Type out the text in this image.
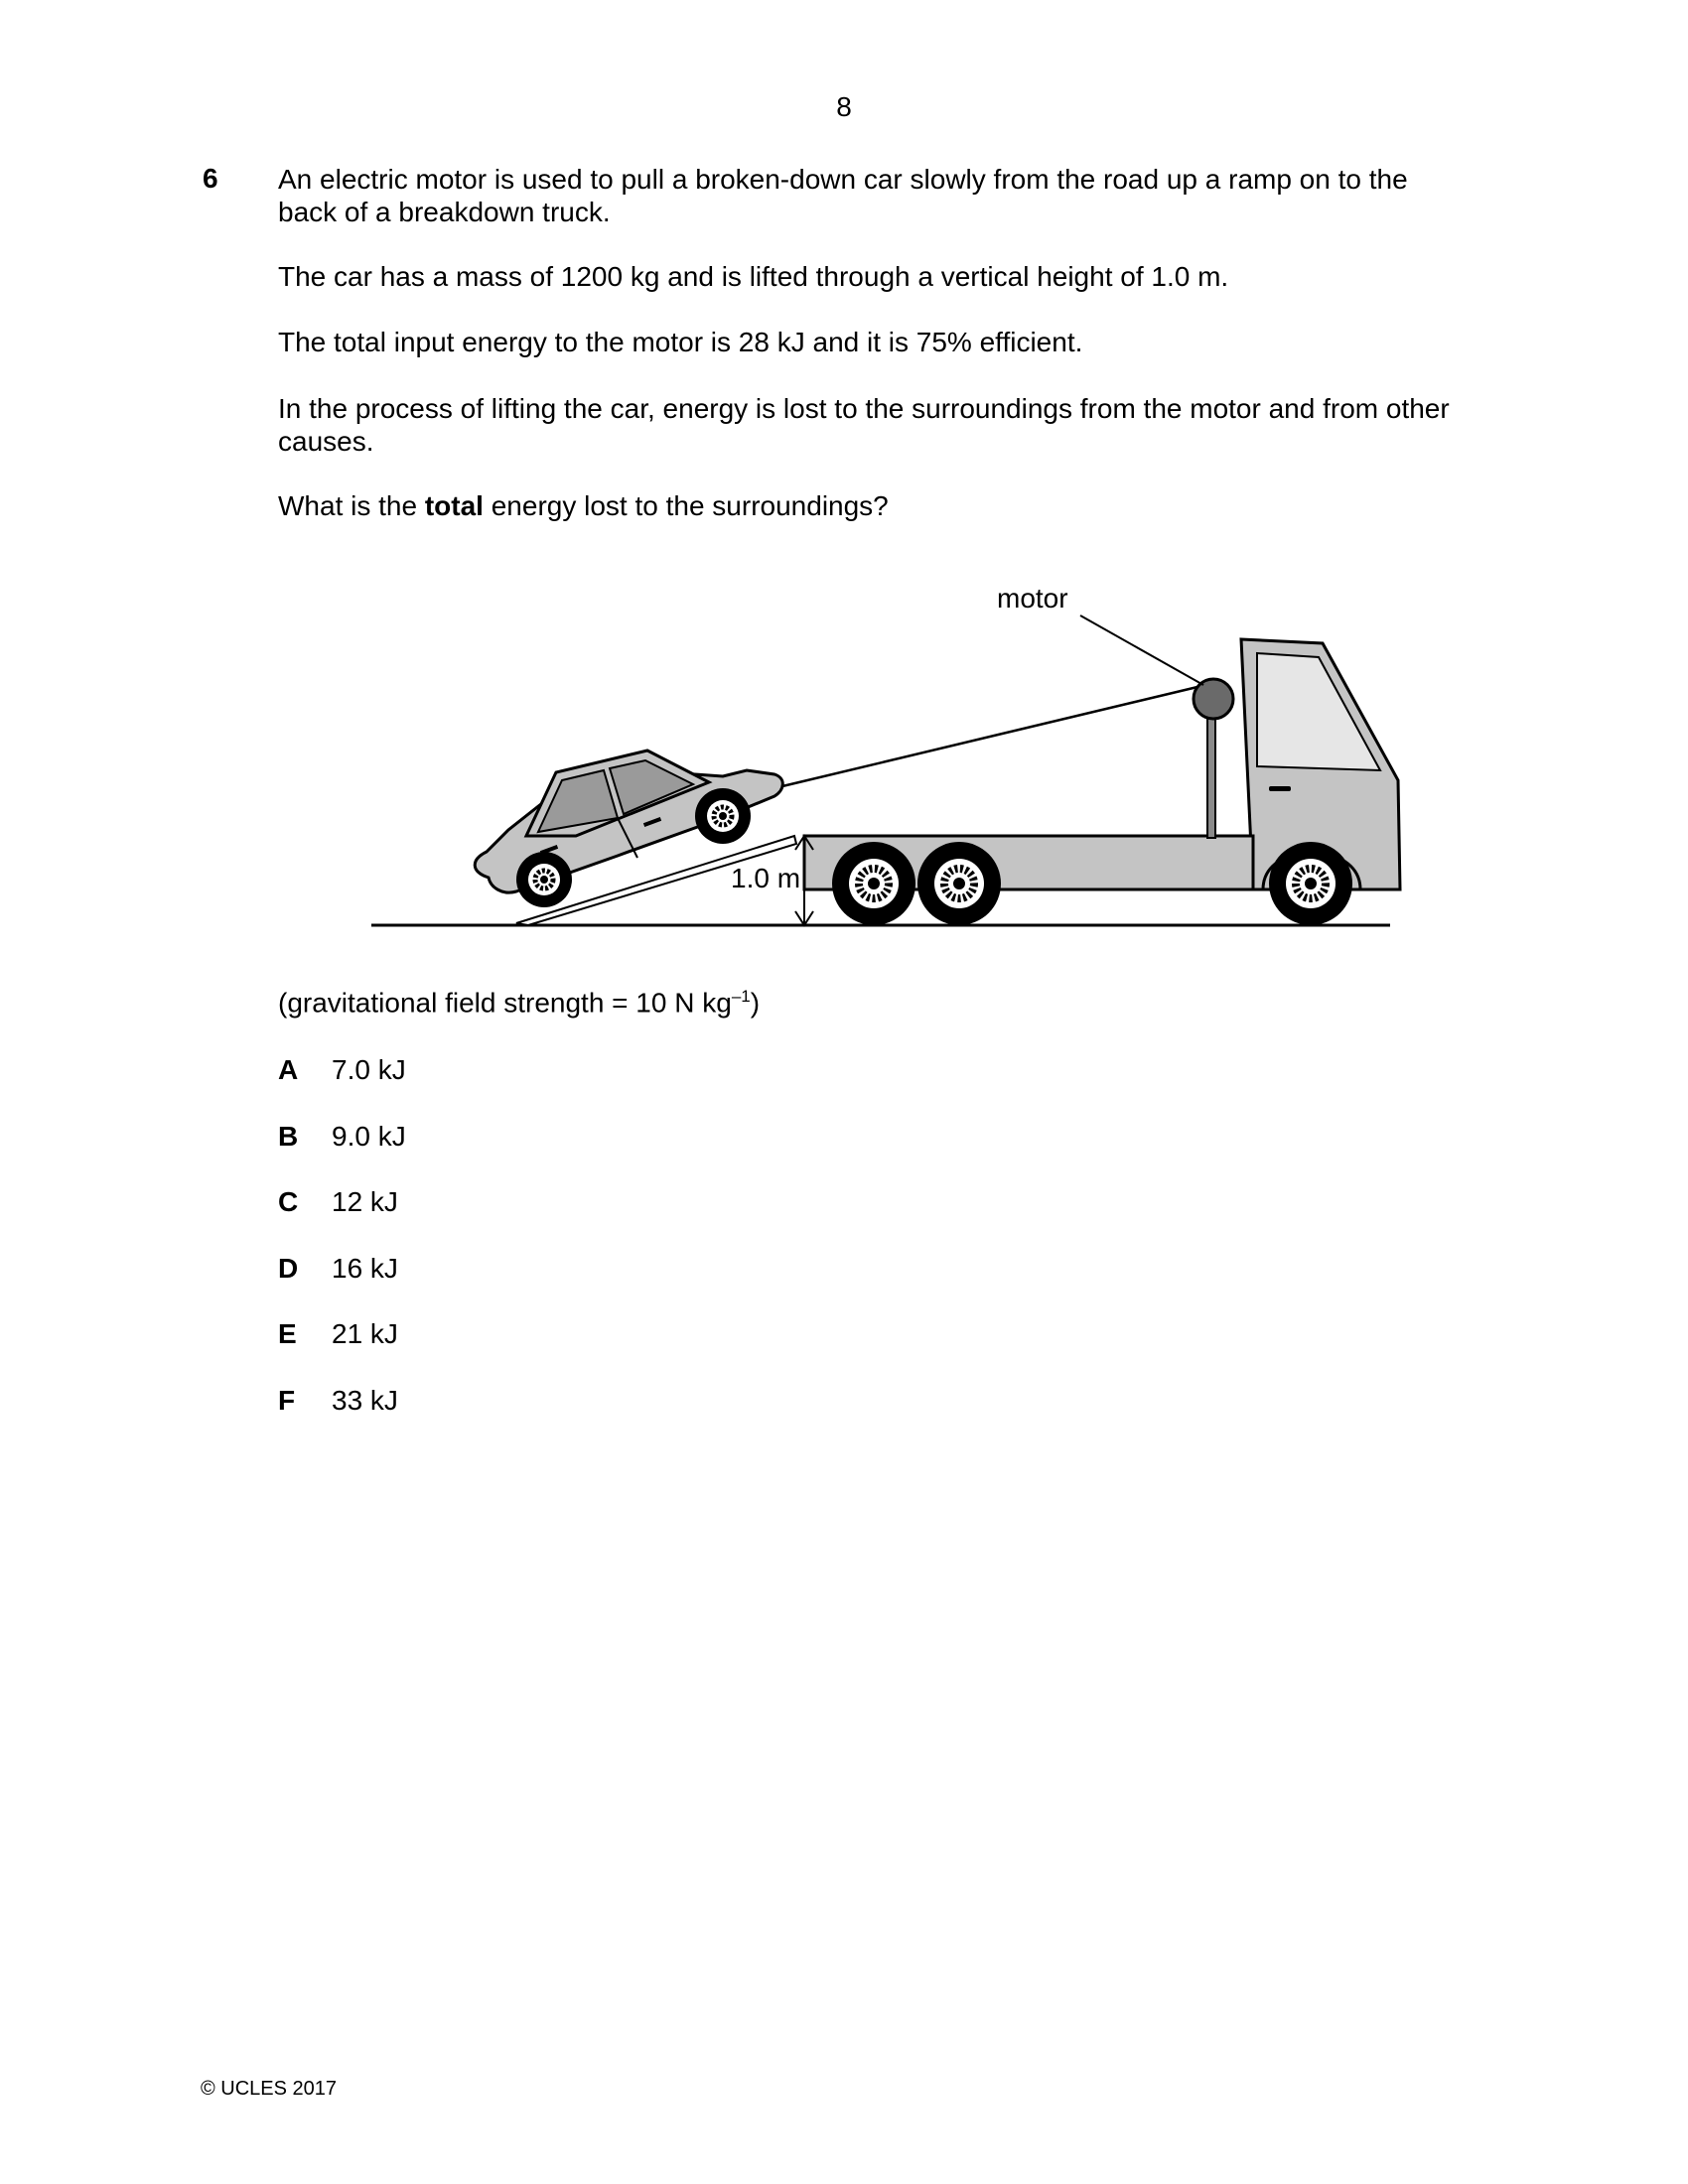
8
6 An electric motor is used to pull a broken-down car slowly from the road up a ramp on to the
back of a breakdown truck.
The car has a mass of 1200 kg and is lifted through a vertical height of 1.0 m.
The total input energy to the motor is 28 kJ and it is 75% efficient.
In the process of lifting the car, energy is lost to the surroundings from the motor and from other
causes.
What is the total energy lost to the surroundings?
motor
1.0 m
(gravitational field strength = 10 N $kg^{-1}$)
A 7.0 kJ
B 9.0 kJ
C 12 kJ
D 16 kJ
E 21 kJ
F 33 kJ
© UCLES 2017
